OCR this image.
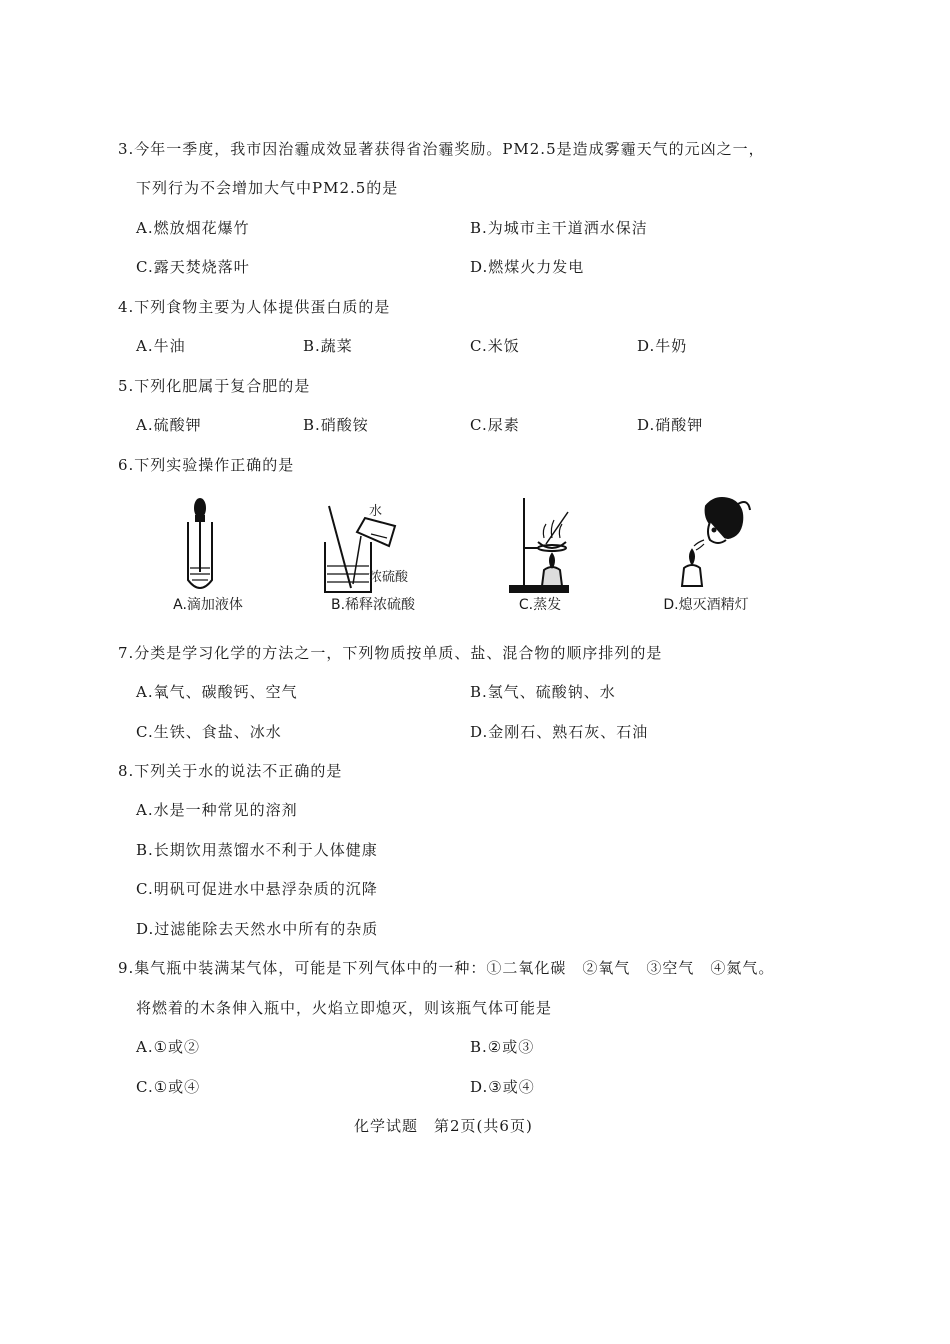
3.今年一季度，我市因治霾成效显著获得省治霾奖励。PM2.5是造成雾霾天气的元凶之一，
下列行为不会增加大气中PM2.5的是
A.燃放烟花爆竹	B.为城市主干道洒水保洁
C.露天焚烧落叶	D.燃煤火力发电
4.下列食物主要为人体提供蛋白质的是
A.牛油	B.蔬菜	C.米饭	D.牛奶
5.下列化肥属于复合肥的是
A.硫酸钾	B.硝酸铵	C.尿素	D.硝酸钾
6.下列实验操作正确的是
A.滴加液体
水
浓硫酸
B.稀释浓硫酸	C.蒸发	D.熄灭酒精灯
7.分类是学习化学的方法之一，下列物质按单质、盐、混合物的顺序排列的是
A.氧气、碳酸钙、空气	B.氢气、硫酸钠、水
C.生铁、食盐、冰水	D.金刚石、熟石灰、石油
8.下列关于水的说法不正确的是
A.水是一种常见的溶剂
B.长期饮用蒸馏水不利于人体健康
C.明矾可促进水中悬浮杂质的沉降
D.过滤能除去天然水中所有的杂质
9.集气瓶中装满某气体，可能是下列气体中的一种：①二氧化碳　②氧气　③空气　④氮气。
将燃着的木条伸入瓶中，火焰立即熄灭，则该瓶气体可能是
A.①或②	B.②或③
C.①或④	D.③或④
化学试题　第2页(共6页)
